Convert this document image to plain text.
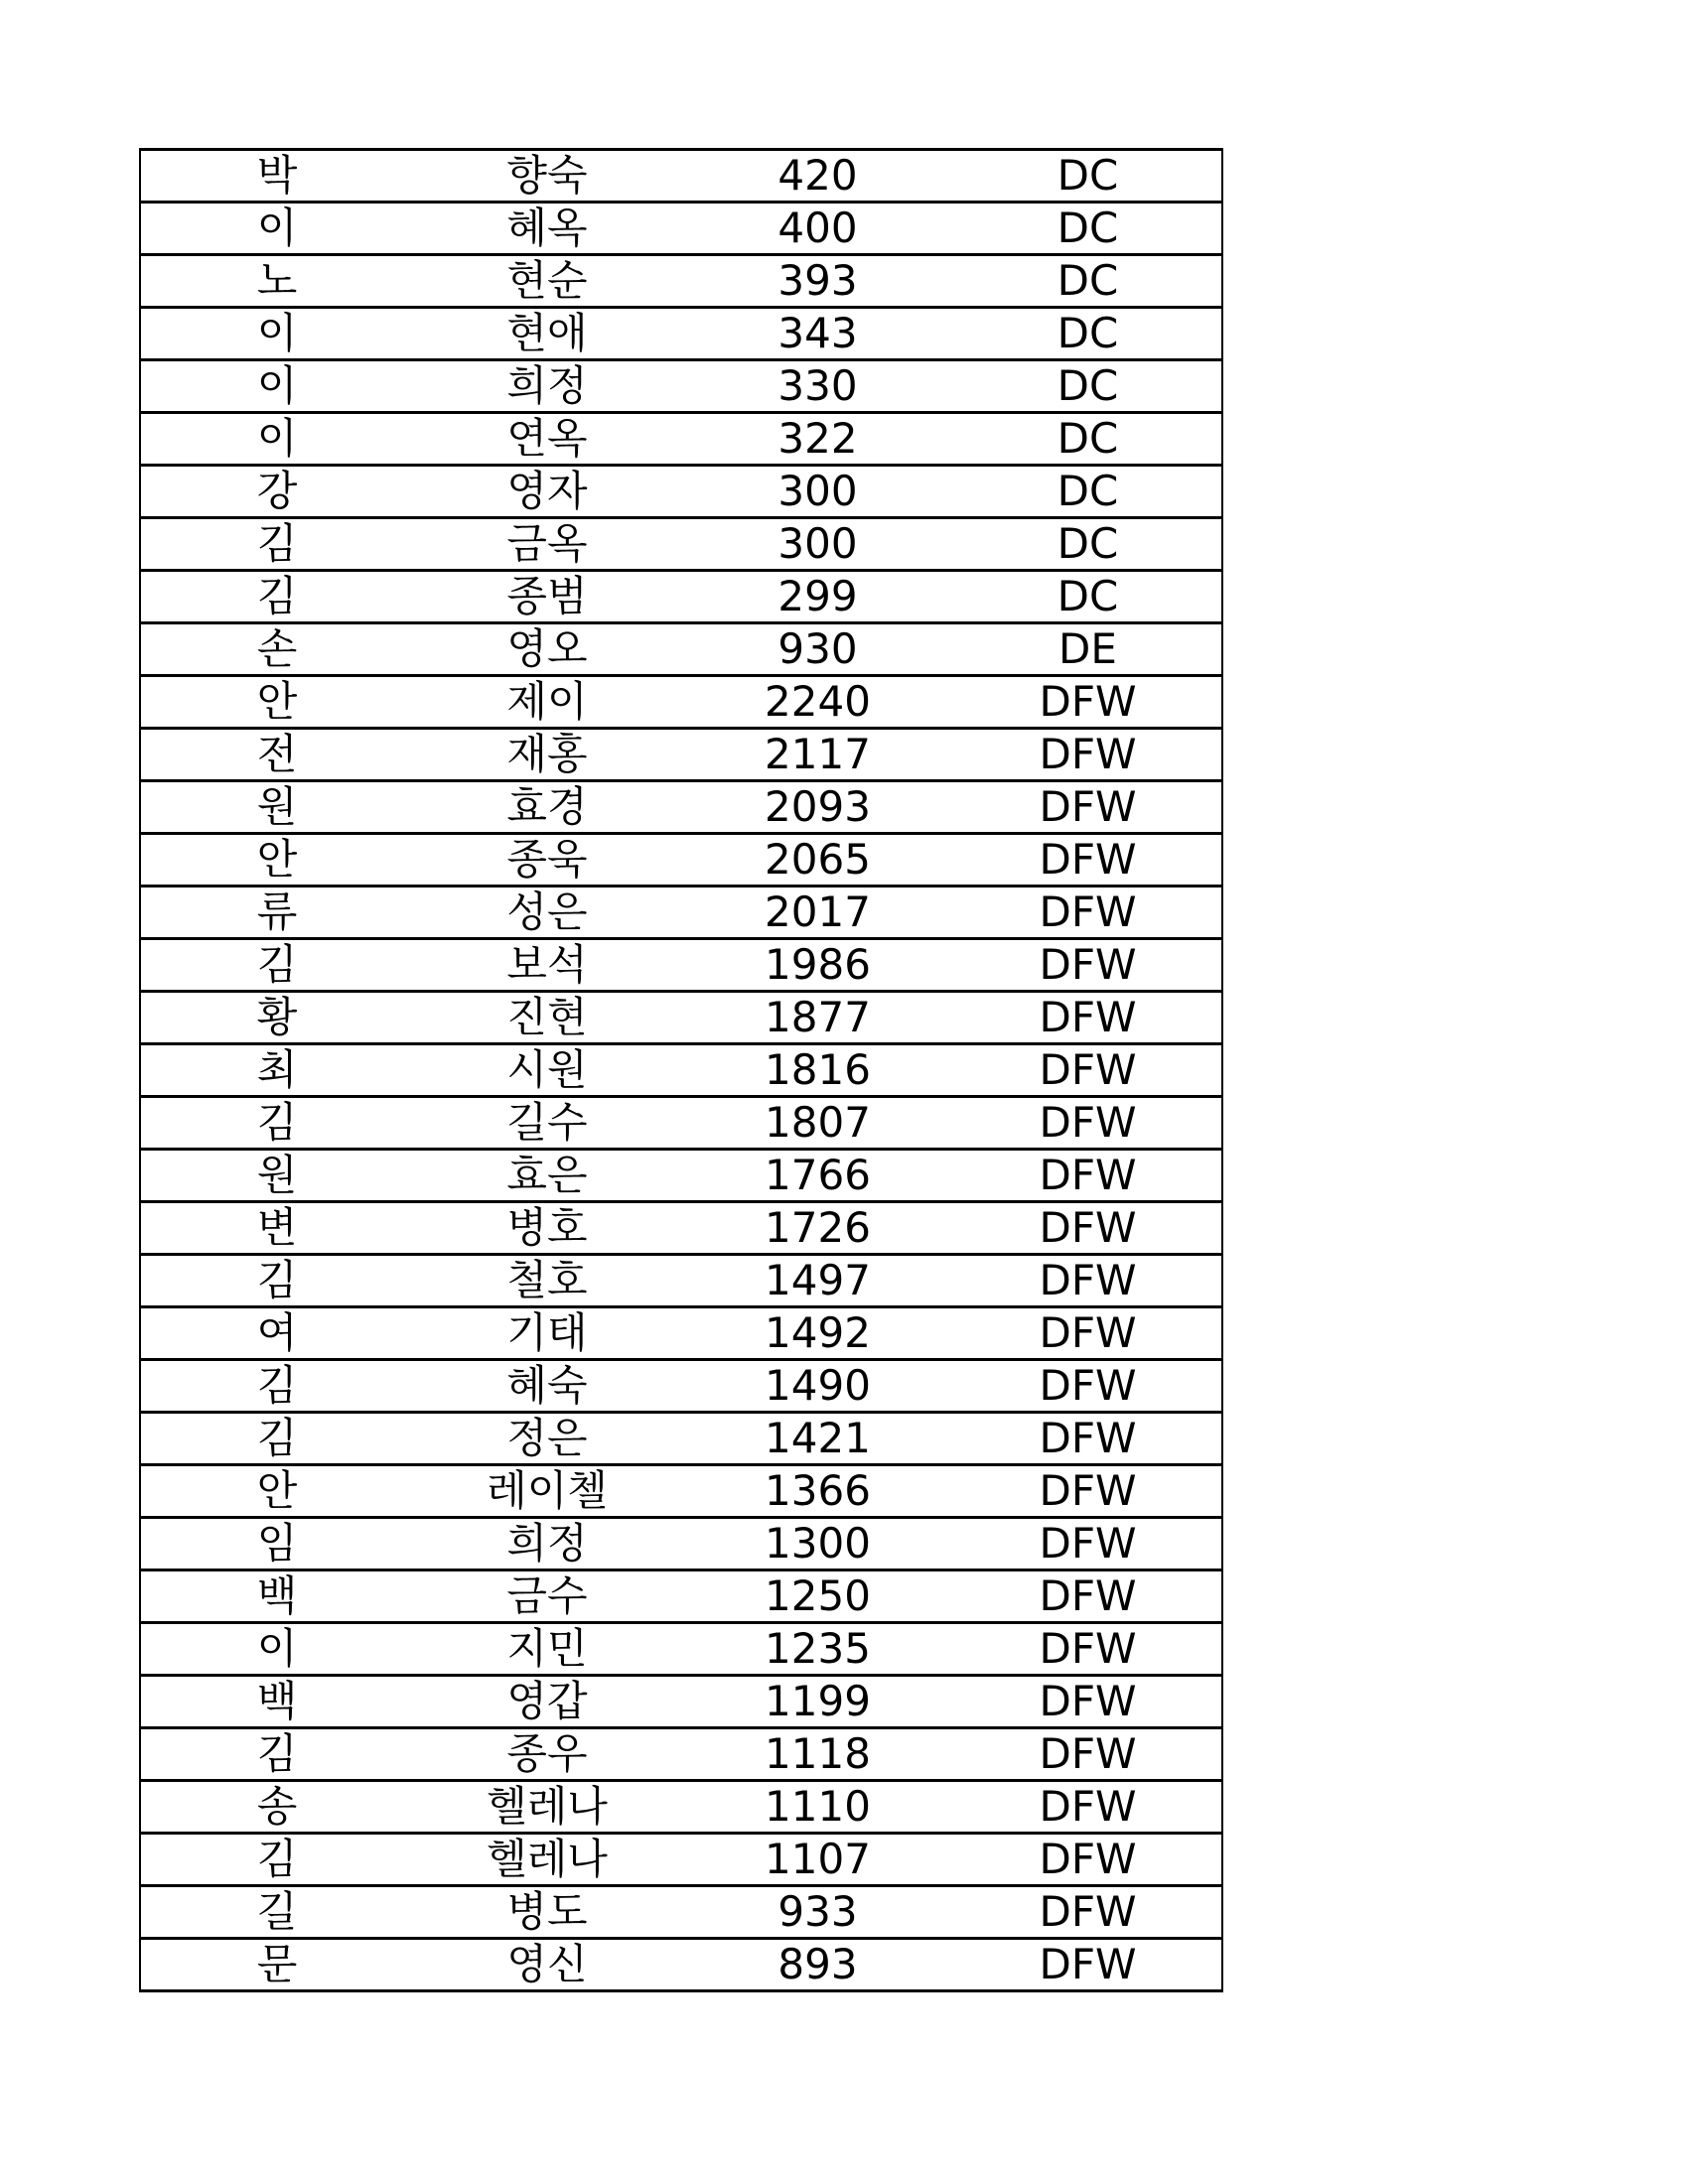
박	향숙	420	DC
이	혜옥	400	DC
노	현순	393	DC
이	현애	343	DC
이	희정	330	DC
이	연옥	322	DC
강	영자	300	DC
김	금옥	300	DC
김	종범	299	DC
손	영오	930	DE
안	제이	2240	DFW
전	재홍	2117	DFW
원	효경	2093	DFW
안	종욱	2065	DFW
류	성은	2017	DFW
김	보석	1986	DFW
황	진현	1877	DFW
최	시원	1816	DFW
김	길수	1807	DFW
원	효은	1766	DFW
변	병호	1726	DFW
김	철호	1497	DFW
여	기태	1492	DFW
김	혜숙	1490	DFW
김	정은	1421	DFW
안	레이첼	1366	DFW
임	희정	1300	DFW
백	금수	1250	DFW
이	지민	1235	DFW
백	영갑	1199	DFW
김	종우	1118	DFW
송	헬레나	1110	DFW
김	헬레나	1107	DFW
길	병도	933	DFW
문	영신	893	DFW
